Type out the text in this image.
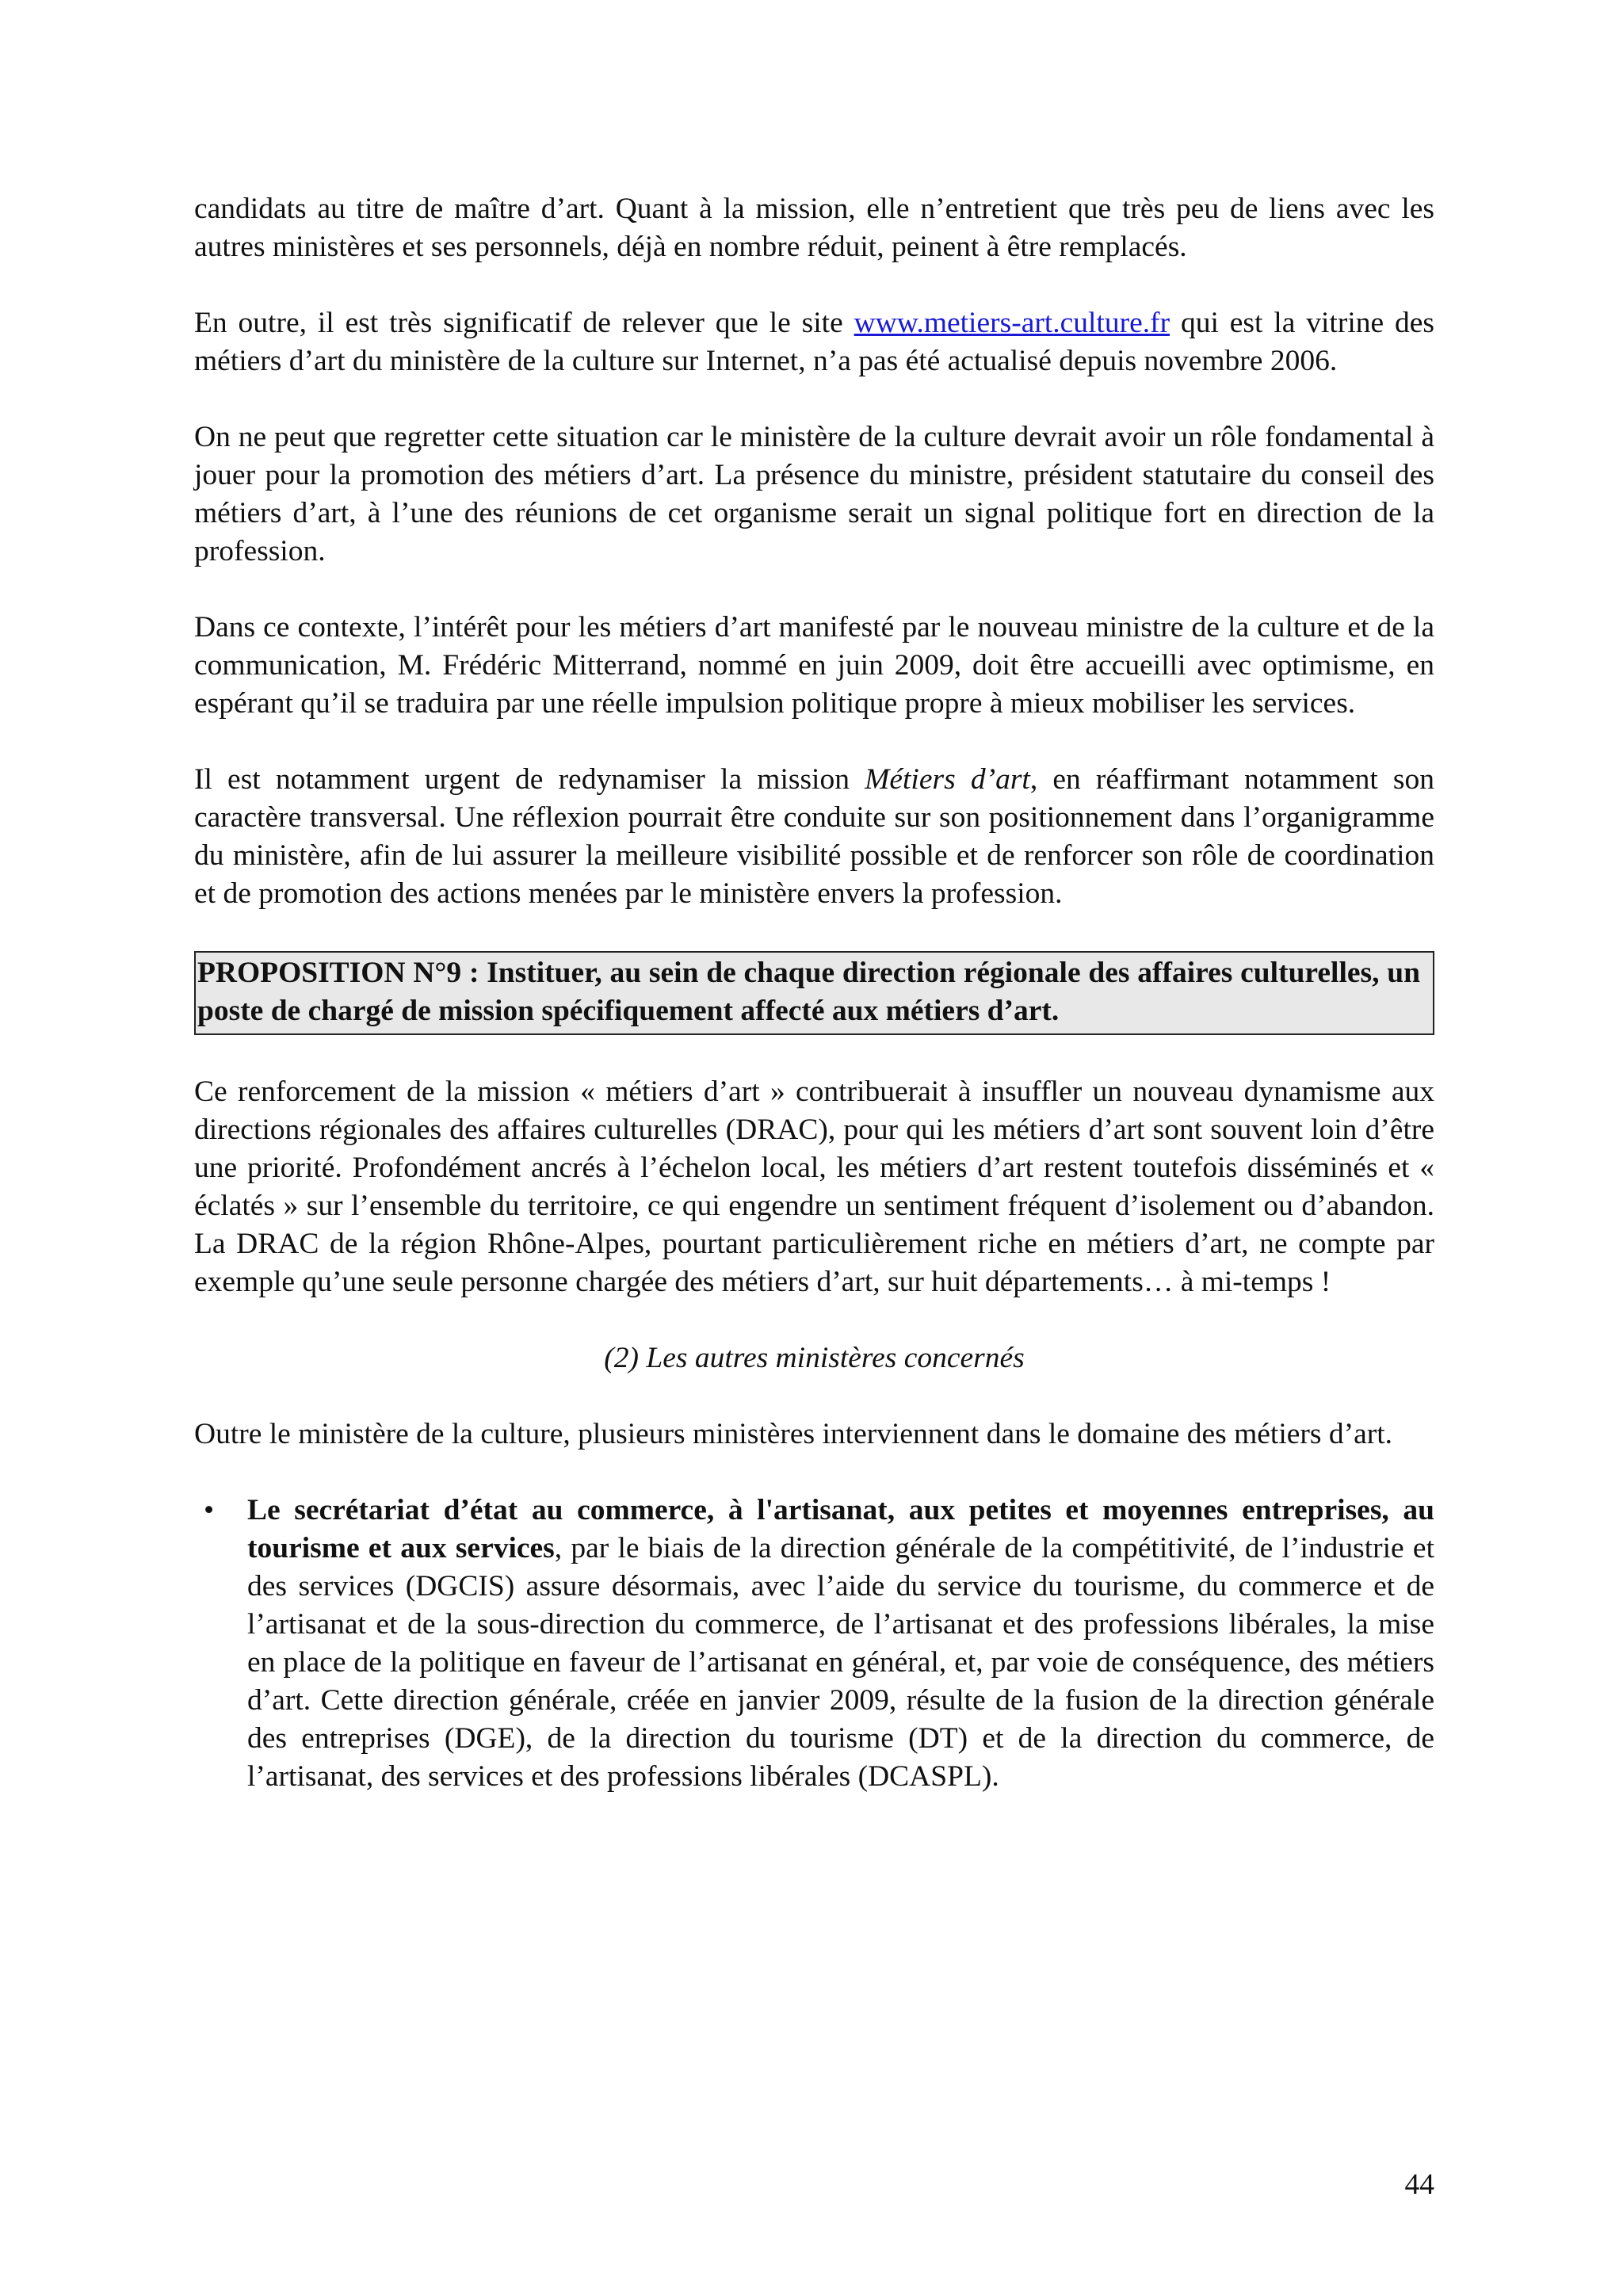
candidats au titre de maître d’art. Quant à la mission, elle n’entretient que très peu de liens avec les autres ministères et ses personnels, déjà en nombre réduit, peinent à être remplacés.

En outre, il est très significatif de relever que le site www.metiers-art.culture.fr qui est la vitrine des métiers d’art du ministère de la culture sur Internet, n’a pas été actualisé depuis novembre 2006.

On ne peut que regretter cette situation car le ministère de la culture devrait avoir un rôle fondamental à jouer pour la promotion des métiers d’art. La présence du ministre, président statutaire du conseil des métiers d’art, à l’une des réunions de cet organisme serait un signal politique fort en direction de la profession.

Dans ce contexte, l’intérêt pour les métiers d’art manifesté par le nouveau ministre de la culture et de la communication, M. Frédéric Mitterrand, nommé en juin 2009, doit être accueilli avec optimisme, en espérant qu’il se traduira par une réelle impulsion politique propre à mieux mobiliser les services.

Il est notamment urgent de redynamiser la mission Métiers d’art, en réaffirmant notamment son caractère transversal. Une réflexion pourrait être conduite sur son positionnement dans l’organigramme du ministère, afin de lui assurer la meilleure visibilité possible et de renforcer son rôle de coordination et de promotion des actions menées par le ministère envers la profession.

PROPOSITION N°9 : Instituer, au sein de chaque direction régionale des affaires culturelles, un poste de chargé de mission spécifiquement affecté aux métiers d’art.

Ce renforcement de la mission « métiers d’art » contribuerait à insuffler un nouveau dynamisme aux directions régionales des affaires culturelles (DRAC), pour qui les métiers d’art sont souvent loin d’être une priorité. Profondément ancrés à l’échelon local, les métiers d’art restent toutefois disséminés et « éclatés » sur l’ensemble du territoire, ce qui engendre un sentiment fréquent d’isolement ou d’abandon. La DRAC de la région Rhône-Alpes, pourtant particulièrement riche en métiers d’art, ne compte par exemple qu’une seule personne chargée des métiers d’art, sur huit départements… à mi-temps !

(2) Les autres ministères concernés

Outre le ministère de la culture, plusieurs ministères interviennent dans le domaine des métiers d’art.

• Le secrétariat d’état au commerce, à l'artisanat, aux petites et moyennes entreprises, au tourisme et aux services, par le biais de la direction générale de la compétitivité, de l’industrie et des services (DGCIS) assure désormais, avec l’aide du service du tourisme, du commerce et de l’artisanat et de la sous-direction du commerce, de l’artisanat et des professions libérales, la mise en place de la politique en faveur de l’artisanat en général, et, par voie de conséquence, des métiers d’art. Cette direction générale, créée en janvier 2009, résulte de la fusion de la direction générale des entreprises (DGE), de la direction du tourisme (DT) et de la direction du commerce, de l’artisanat, des services et des professions libérales (DCASPL).
44
